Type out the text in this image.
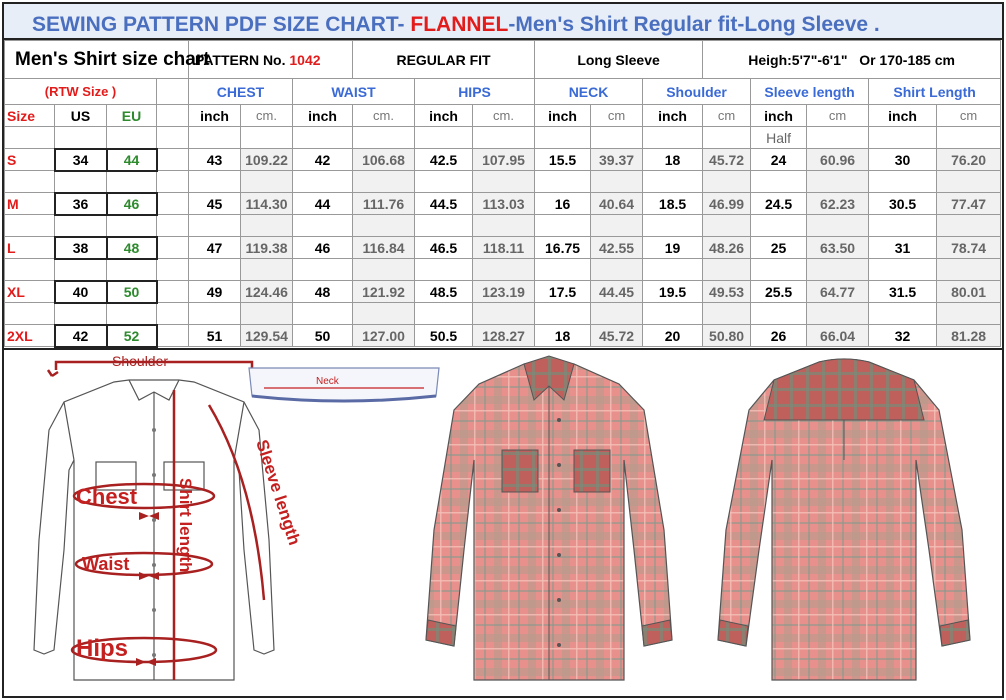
SEWING PATTERN PDF SIZE CHART- FLANNEL-Men's Shirt Regular fit-Long Sleeve .
Men's Shirt size chart				PATTERN No. 1042			REGULAR FIT			Long Sleeve			Heigh:5'7"-6'1" Or 170-185 cm				
(RTW Size )				CHEST		WAIST		HIPS		NECK		Shoulder		Sleeve length		Shirt Length	
Size	US	EU		inch	cm.	inch	cm.	inch	cm.	inch	cm	inch	cm	inch	cm	inch	cm
														Half			
S	34	44		43	109.22	42	106.68	42.5	107.95	15.5	39.37	18	45.72	24	60.96	30	76.20

M	36	46		45	114.30	44	111.76	44.5	113.03	16	40.64	18.5	46.99	24.5	62.23	30.5	77.47

L	38	48		47	119.38	46	116.84	46.5	118.11	16.75	42.55	19	48.26	25	63.50	31	78.74

XL	40	50		49	124.46	48	121.92	48.5	123.19	17.5	44.45	19.5	49.53	25.5	64.77	31.5	80.01

2XL	42	52		51	129.54	50	127.00	50.5	128.27	18	45.72	20	50.80	26	66.04	32	81.28
Shoulder
Chest
Waist
Hips
Shirt length	Sleeve length
Neck
